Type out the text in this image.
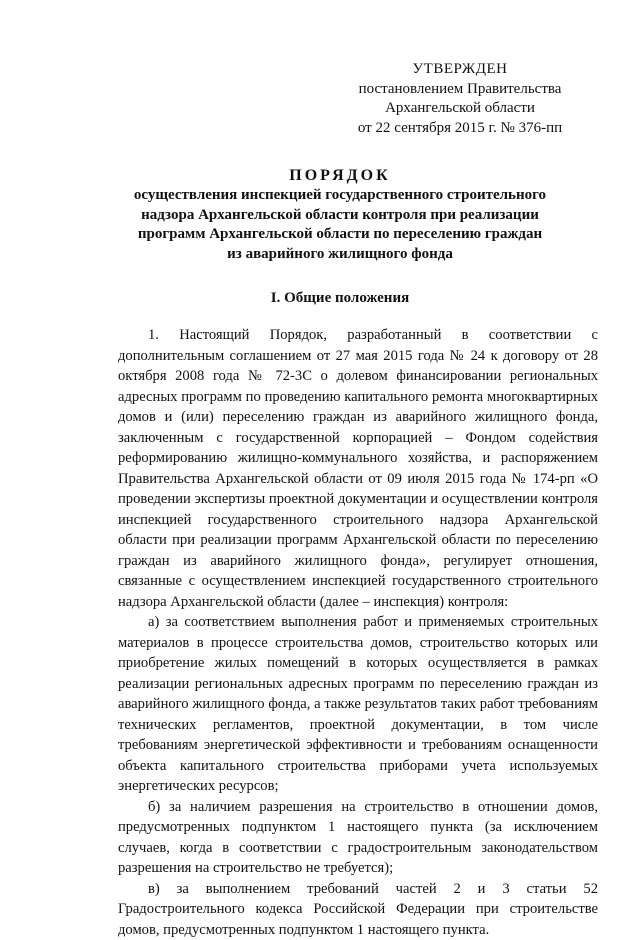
УТВЕРЖДЕН
постановлением Правительства
Архангельской области
от 22 сентября 2015 г. № 376-пп
ПОРЯДОК
осуществления инспекцией государственного строительного
надзора Архангельской области контроля при реализации
программ Архангельской области по переселению граждан
из аварийного жилищного фонда
I. Общие положения

1. Настоящий Порядок, разработанный в соответствии с дополнительным соглашением от 27 мая 2015 года № 24 к договору от 28 октября 2008 года № 72-3С о долевом финансировании региональных адресных программ по проведению капитального ремонта многоквартирных домов и (или) переселению граждан из аварийного жилищного фонда, заключенным с государственной корпорацией – Фондом содействия реформированию жилищно-коммунального хозяйства, и распоряжением Правительства Архангельской области от 09 июля 2015 года № 174-рп «О проведении экспертизы проектной документации и осуществлении контроля инспекцией государственного строительного надзора Архангельской области при реализации программ Архангельской области по переселению граждан из аварийного жилищного фонда», регулирует отношения, связанные с осуществлением инспекцией государственного строительного надзора Архангельской области (далее – инспекция) контроля:

а) за соответствием выполнения работ и применяемых строительных материалов в процессе строительства домов, строительство которых или приобретение жилых помещений в которых осуществляется в рамках реализации региональных адресных программ по переселению граждан из аварийного жилищного фонда, а также результатов таких работ требованиям технических регламентов, проектной документации, в том числе требованиям энергетической эффективности и требованиям оснащенности объекта капитального строительства приборами учета используемых энергетических ресурсов;

б) за наличием разрешения на строительство в отношении домов, предусмотренных подпунктом 1 настоящего пункта (за исключением случаев, когда в соответствии с градостроительным законодательством разрешения на строительство не требуется);

в) за выполнением требований частей 2 и 3 статьи 52 Градостроительного кодекса Российской Федерации при строительстве домов, предусмотренных подпунктом 1 настоящего пункта.
